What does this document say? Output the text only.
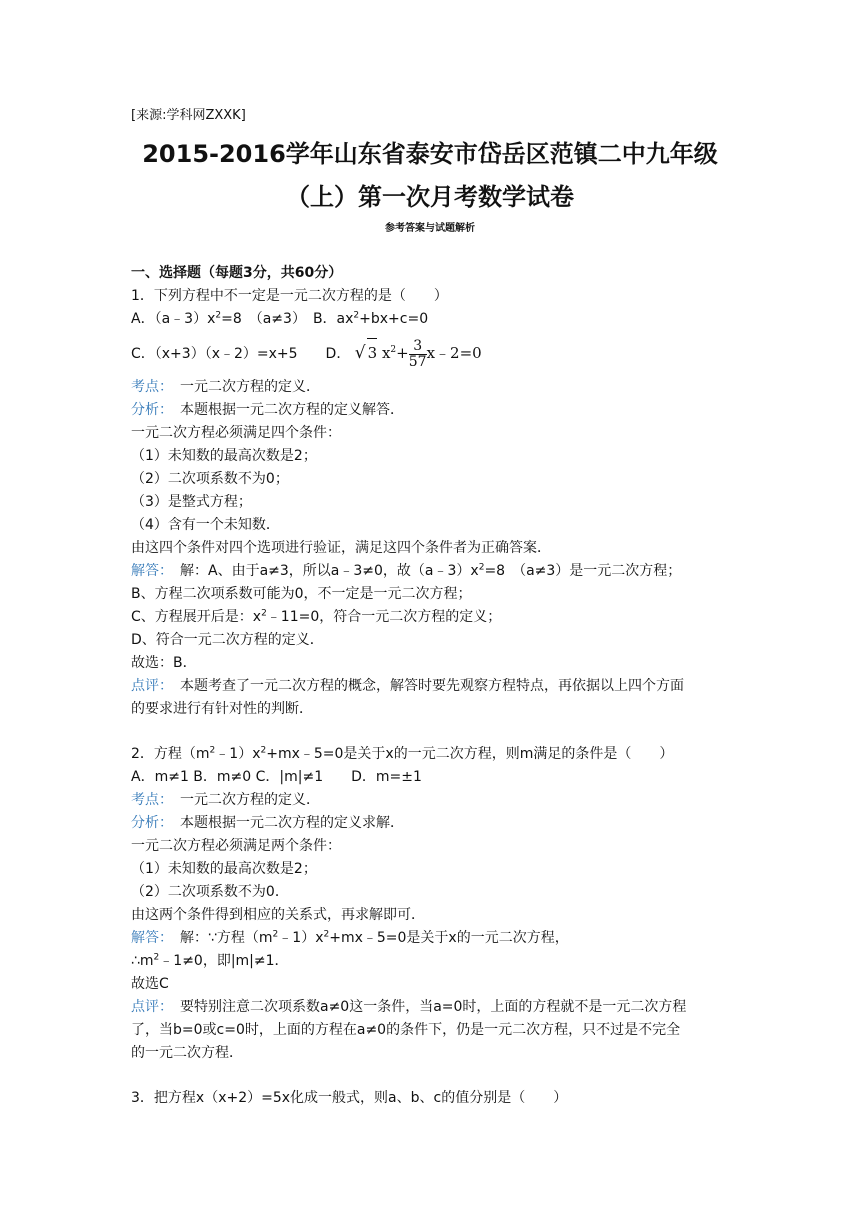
[来源:学科网ZXXK]
2015-2016学年山东省泰安市岱岳区范镇二中九年级
（上）第一次月考数学试卷
参考答案与试题解析
一、选择题（每题3分，共60分）
1．下列方程中不一定是一元二次方程的是（　　）
A．$(a﹣3)x^2=8$　（a≠3）　B．$ax^2+bx+c=0$
C．（x+3）（x﹣2）=x+5　　D． √ 3 $x^2+ \frac{3}{57}$ x﹣2=0
考点：　 一元二次方程的定义．
分析：　 本题根据一元二次方程的定义解答．
一元二次方程必须满足四个条件：
（1）未知数的最高次数是2；
（2）二次项系数不为0；
（3）是整式方程；
（4）含有一个未知数．
由这四个条件对四个选项进行验证，满足这四个条件者为正确答案．
解答：　 解：A、由于a≠3，所以a﹣3≠0，故$(a﹣3)x^2=8$　（a≠3）是一元二次方程；
B、方程二次项系数可能为0，不一定是一元二次方程；
C、方程展开后是：$x^2﹣11=0$，符合一元二次方程的定义；
D、符合一元二次方程的定义．
故选：B．
点评：　 本题考查了一元二次方程的概念，解答时要先观察方程特点，再依据以上四个方面
的要求进行有针对性的判断．
2．方程$(m^2﹣1)x^2+mx﹣5=0$是关于x的一元二次方程，则m满足的条件是（　　）
A．m≠1 B．m≠0 C．|m|≠1　　D．m=±1
考点：　 一元二次方程的定义．
分析：　 本题根据一元二次方程的定义求解．
一元二次方程必须满足两个条件：
（1）未知数的最高次数是2；
（2）二次项系数不为0．
由这两个条件得到相应的关系式，再求解即可．
解答：　 解：∵方程$(m^2﹣1)x^2+mx﹣5=0$是关于x的一元二次方程，
$\therefore m^2﹣1\ne 0$，即|m|≠1．
故选C
点评：　 要特别注意二次项系数a≠0这一条件，当a=0时，上面的方程就不是一元二次方程
了，当b=0或c=0时，上面的方程在a≠0的条件下，仍是一元二次方程，只不过是不完全
的一元二次方程．
3．把方程x（x+2）=5x化成一般式，则a、b、c的值分别是（　　）
